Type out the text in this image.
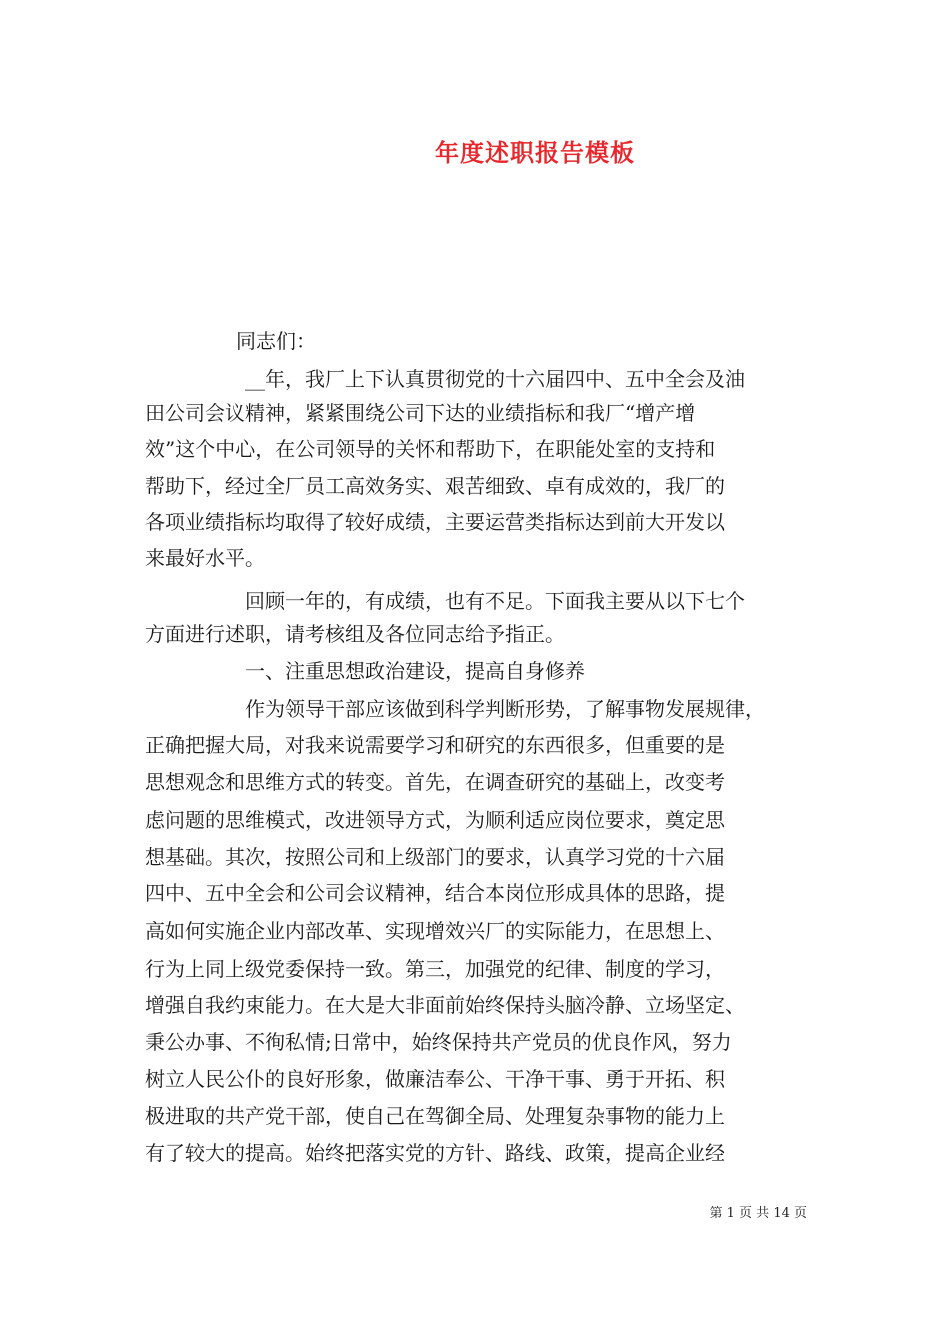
年度述职报告模板
同志们：
__年，我厂上下认真贯彻党的十六届四中、五中全会及油
田公司会议精神，紧紧围绕公司下达的业绩指标和我厂“增产增
效”这个中心，在公司领导的关怀和帮助下，在职能处室的支持和
帮助下，经过全厂员工高效务实、艰苦细致、卓有成效的，我厂的
各项业绩指标均取得了较好成绩，主要运营类指标达到前大开发以
来最好水平。
回顾一年的，有成绩，也有不足。下面我主要从以下七个
方面进行述职，请考核组及各位同志给予指正。
一、注重思想政治建设，提高自身修养
作为领导干部应该做到科学判断形势，了解事物发展规律，
正确把握大局，对我来说需要学习和研究的东西很多，但重要的是
思想观念和思维方式的转变。首先，在调查研究的基础上，改变考
虑问题的思维模式，改进领导方式，为顺利适应岗位要求，奠定思
想基础。其次，按照公司和上级部门的要求，认真学习党的十六届
四中、五中全会和公司会议精神，结合本岗位形成具体的思路，提
高如何实施企业内部改革、实现增效兴厂的实际能力，在思想上、
行为上同上级党委保持一致。第三，加强党的纪律、制度的学习，
增强自我约束能力。在大是大非面前始终保持头脑冷静、立场坚定、
秉公办事、不徇私情;日常中，始终保持共产党员的优良作风，努力
树立人民公仆的良好形象，做廉洁奉公、干净干事、勇于开拓、积
极进取的共产党干部，使自己在驾御全局、处理复杂事物的能力上
有了较大的提高。始终把落实党的方针、路线、政策，提高企业经
第 1 页 共 14 页
